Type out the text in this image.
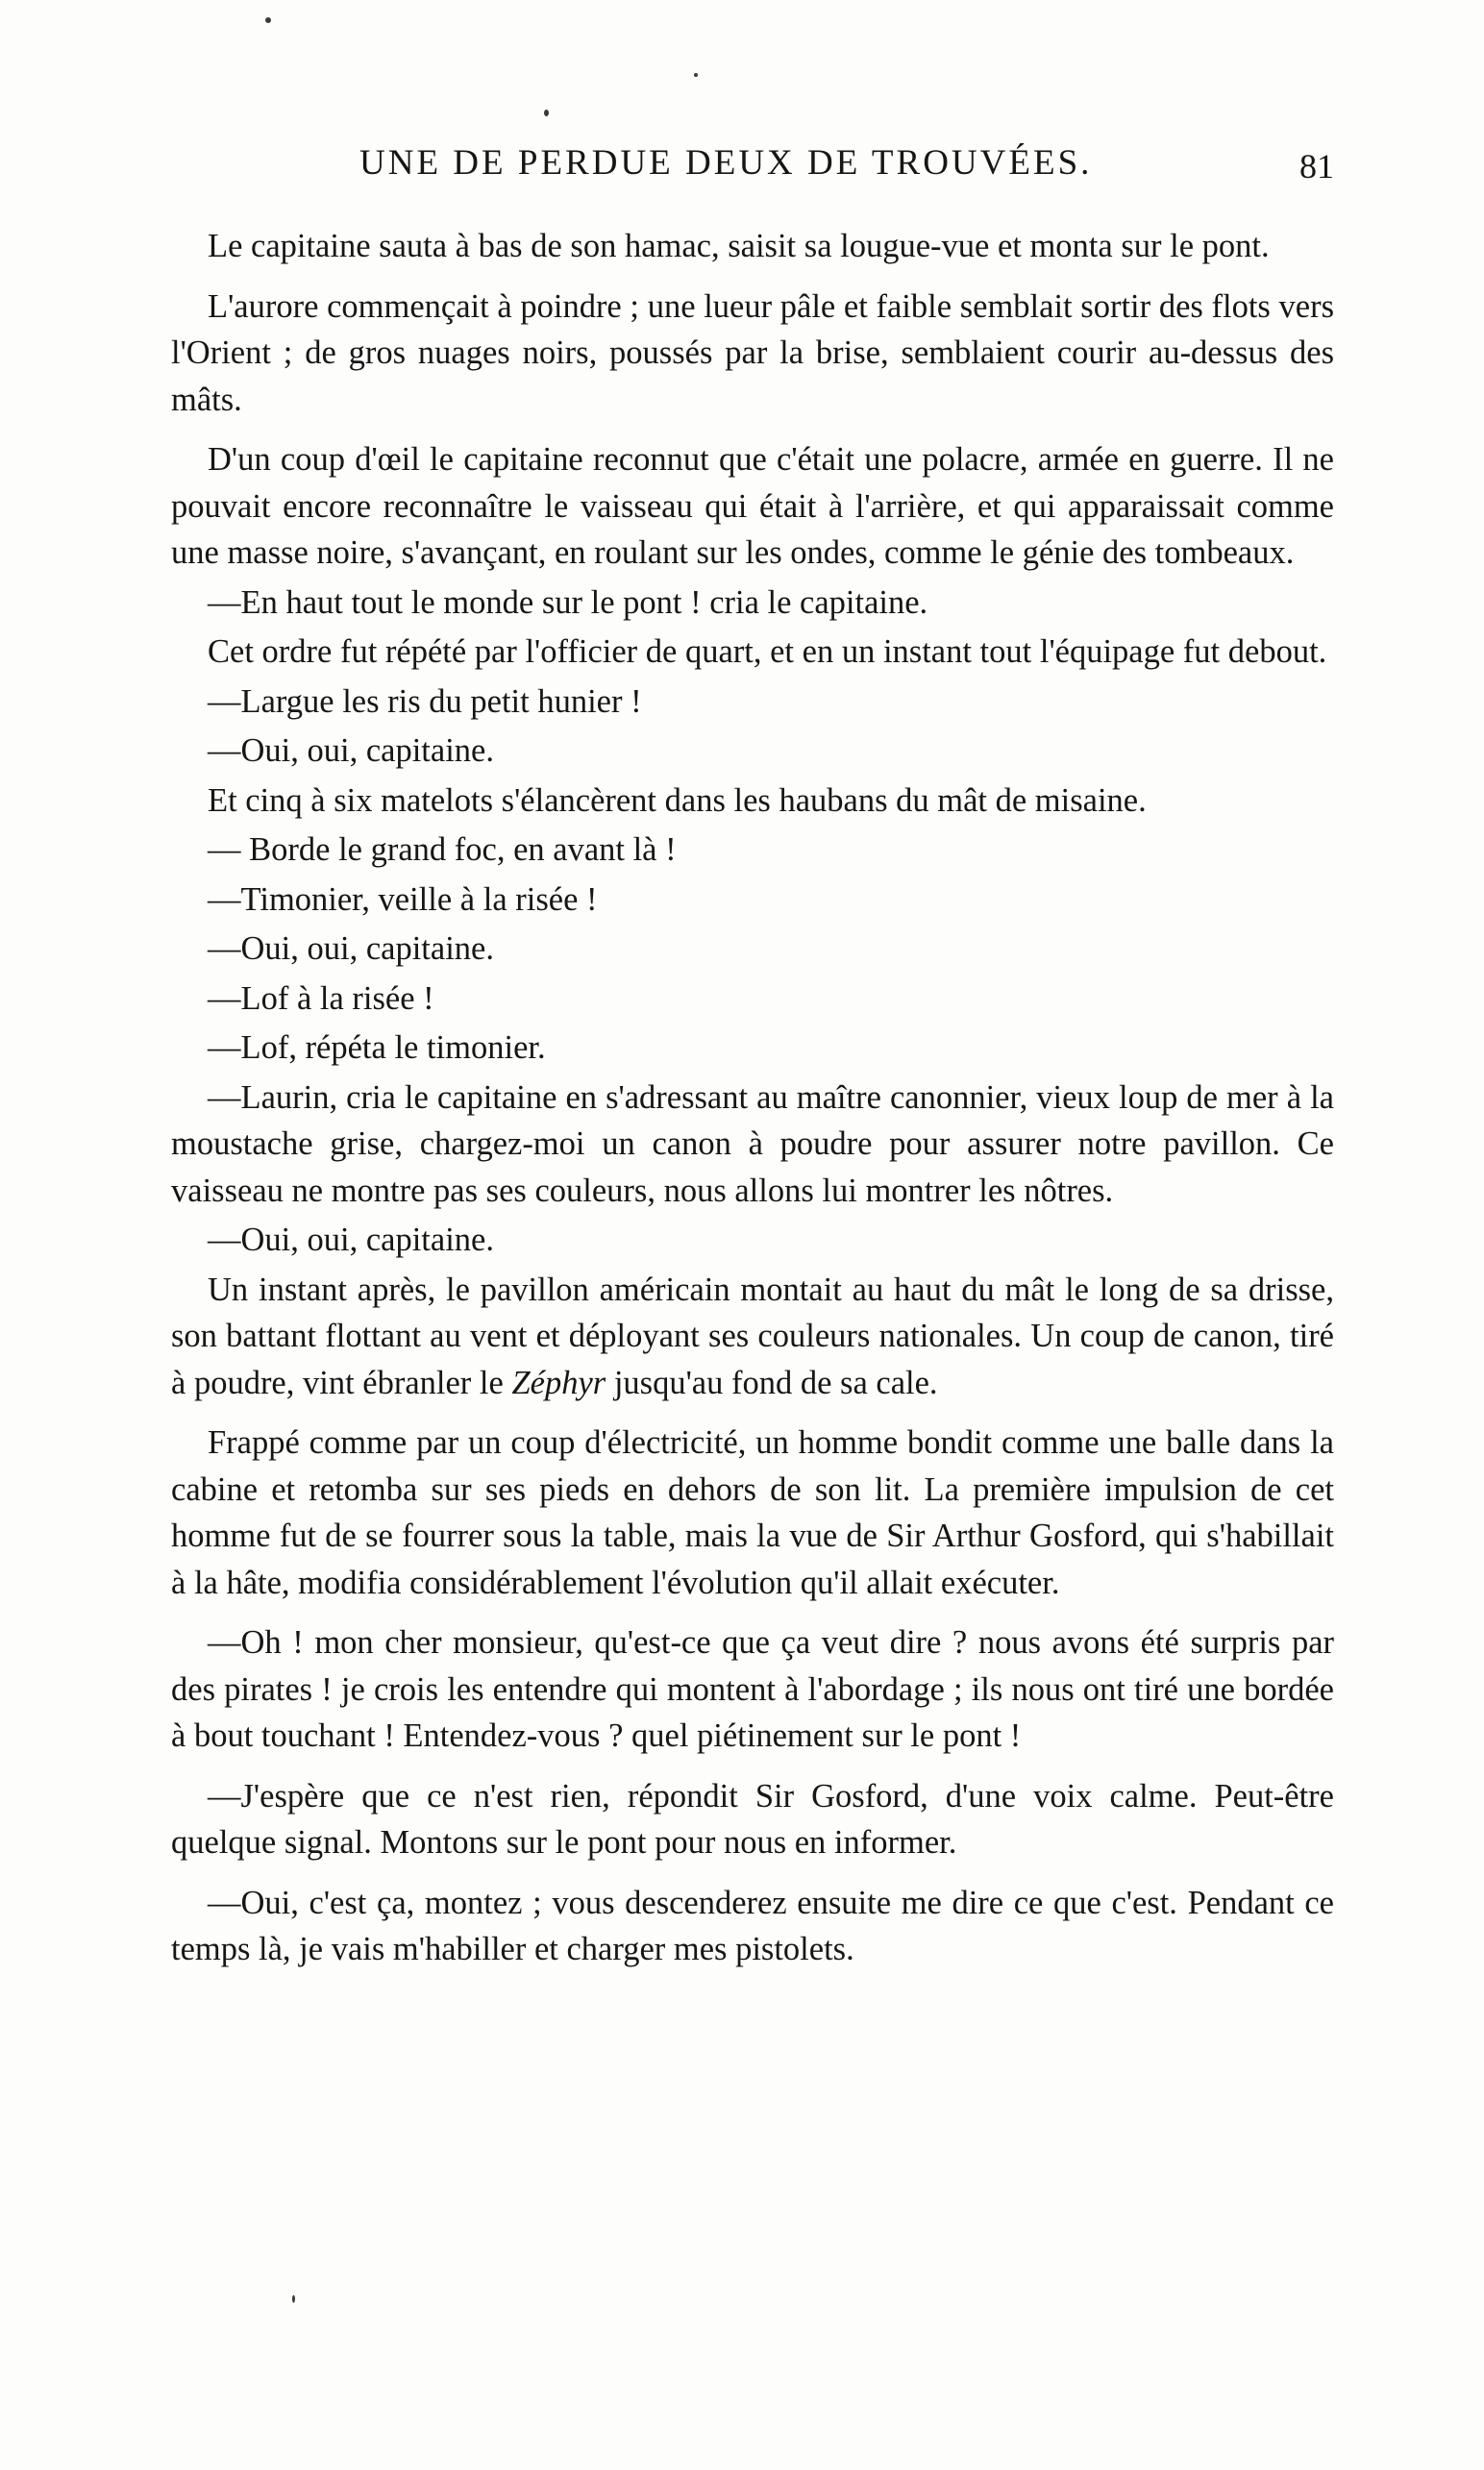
UNE DE PERDUE DEUX DE TROUVÉES.	81

Le capitaine sauta à bas de son hamac, saisit sa lougue-vue et monta sur le pont.

L'aurore commençait à poindre ; une lueur pâle et faible semblait sortir des flots vers l'Orient ; de gros nuages noirs, poussés par la brise, semblaient courir au-dessus des mâts.

D'un coup d'œil le capitaine reconnut que c'était une polacre, armée en guerre. Il ne pouvait encore reconnaître le vaisseau qui était à l'arrière, et qui apparaissait comme une masse noire, s'avançant, en roulant sur les ondes, comme le génie des tombeaux.

—En haut tout le monde sur le pont ! cria le capitaine.

Cet ordre fut répété par l'officier de quart, et en un instant tout l'équipage fut debout.

—Largue les ris du petit hunier !

—Oui, oui, capitaine.

Et cinq à six matelots s'élancèrent dans les haubans du mât de misaine.

— Borde le grand foc, en avant là !

—Timonier, veille à la risée !

—Oui, oui, capitaine.

—Lof à la risée !

—Lof, répéta le timonier.

—Laurin, cria le capitaine en s'adressant au maître canonnier, vieux loup de mer à la moustache grise, chargez-moi un canon à poudre pour assurer notre pavillon. Ce vaisseau ne montre pas ses couleurs, nous allons lui montrer les nôtres.

—Oui, oui, capitaine.

Un instant après, le pavillon américain montait au haut du mât le long de sa drisse, son battant flottant au vent et déployant ses couleurs nationales. Un coup de canon, tiré à poudre, vint ébranler le Zéphyr jusqu'au fond de sa cale.

Frappé comme par un coup d'électricité, un homme bondit comme une balle dans la cabine et retomba sur ses pieds en dehors de son lit. La première impulsion de cet homme fut de se fourrer sous la table, mais la vue de Sir Arthur Gosford, qui s'habillait à la hâte, modifia considérablement l'évolution qu'il allait exécuter.

—Oh ! mon cher monsieur, qu'est-ce que ça veut dire ? nous avons été surpris par des pirates ! je crois les entendre qui montent à l'abordage ; ils nous ont tiré une bordée à bout touchant ! Entendez-vous ? quel piétinement sur le pont !

—J'espère que ce n'est rien, répondit Sir Gosford, d'une voix calme. Peut-être quelque signal. Montons sur le pont pour nous en informer.

—Oui, c'est ça, montez ; vous descenderez ensuite me dire ce que c'est. Pendant ce temps là, je vais m'habiller et charger mes pistolets.
